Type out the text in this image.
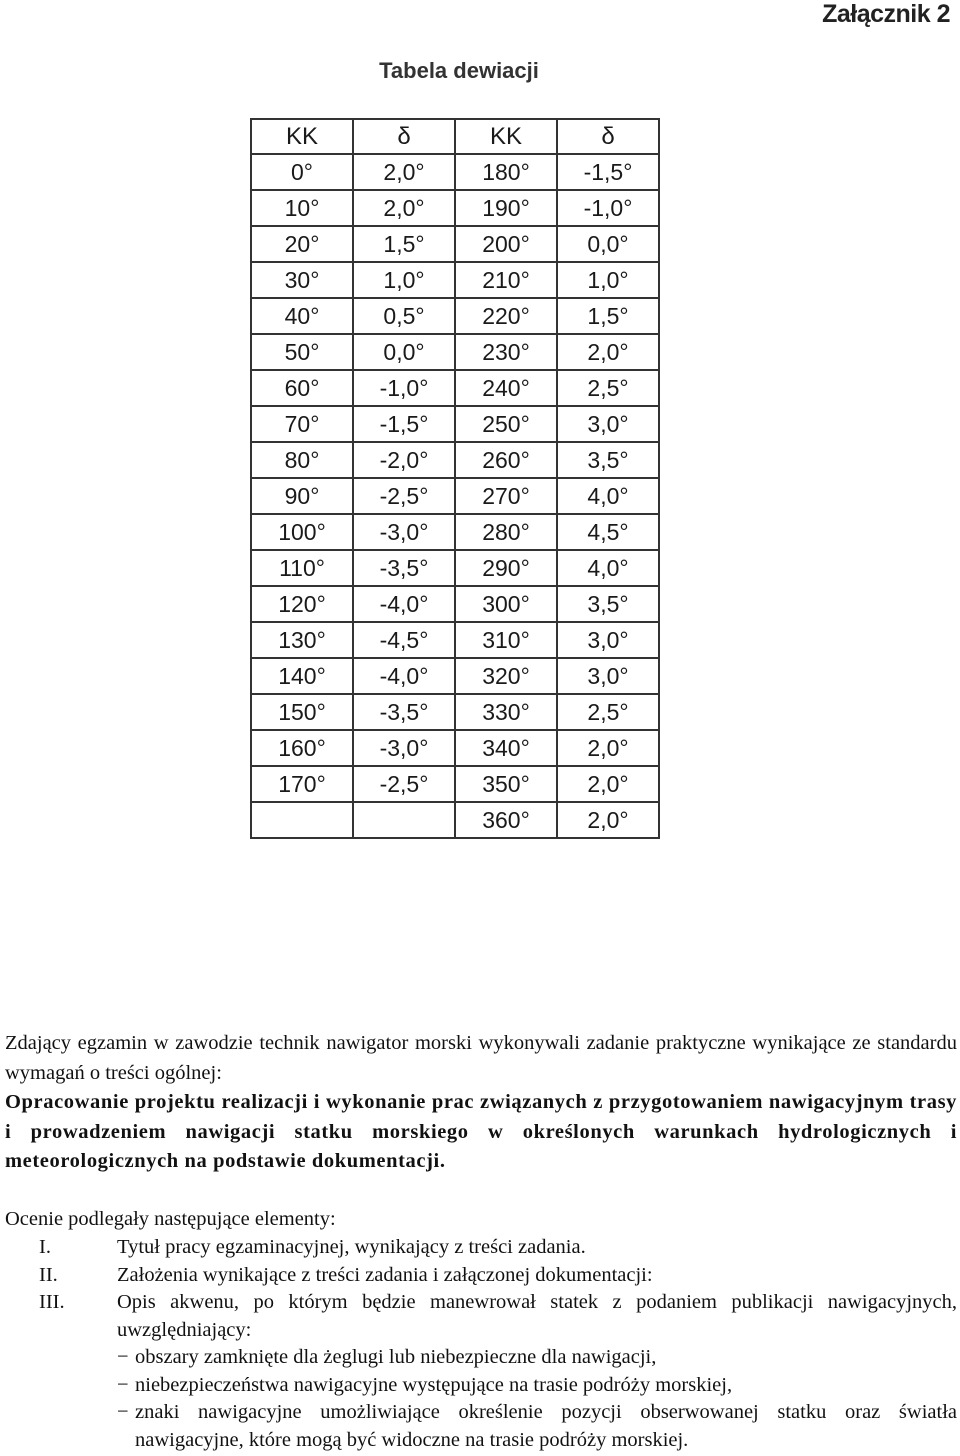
Załącznik 2
Tabela dewiacji
KK	δ	KK	δ
0°	2,0°	180°	-1,5°
10°	2,0°	190°	-1,0°
20°	1,5°	200°	0,0°
30°	1,0°	210°	1,0°
40°	0,5°	220°	1,5°
50°	0,0°	230°	2,0°
60°	-1,0°	240°	2,5°
70°	-1,5°	250°	3,0°
80°	-2,0°	260°	3,5°
90°	-2,5°	270°	4,0°
100°	-3,0°	280°	4,5°
110°	-3,5°	290°	4,0°
120°	-4,0°	300°	3,5°
130°	-4,5°	310°	3,0°
140°	-4,0°	320°	3,0°
150°	-3,5°	330°	2,5°
160°	-3,0°	340°	2,0°
170°	-2,5°	350°	2,0°
		360°	2,0°
Zdający egzamin w zawodzie technik nawigator morski wykonywali zadanie praktyczne wynikające ze standardu wymagań o treści ogólnej:
Opracowanie projektu realizacji i wykonanie prac związanych z przygotowaniem nawigacyjnym trasy i prowadzeniem nawigacji statku morskiego w określonych warunkach hydrologicznych i meteorologicznych na podstawie dokumentacji.
Ocenie podlegały następujące elementy:
I.	Tytuł pracy egzaminacyjnej, wynikający z treści zadania.
II.	Założenia wynikające z treści zadania i załączonej dokumentacji:
III.	Opis akwenu, po którym będzie manewrował statek z podaniem publikacji nawigacyjnych, uwzględniający:
− obszary zamknięte dla żeglugi lub niebezpieczne dla nawigacji,
− niebezpieczeństwa nawigacyjne występujące na trasie podróży morskiej,
− znaki nawigacyjne umożliwiające określenie pozycji obserwowanej statku oraz światła nawigacyjne, które mogą być widoczne na trasie podróży morskiej.
